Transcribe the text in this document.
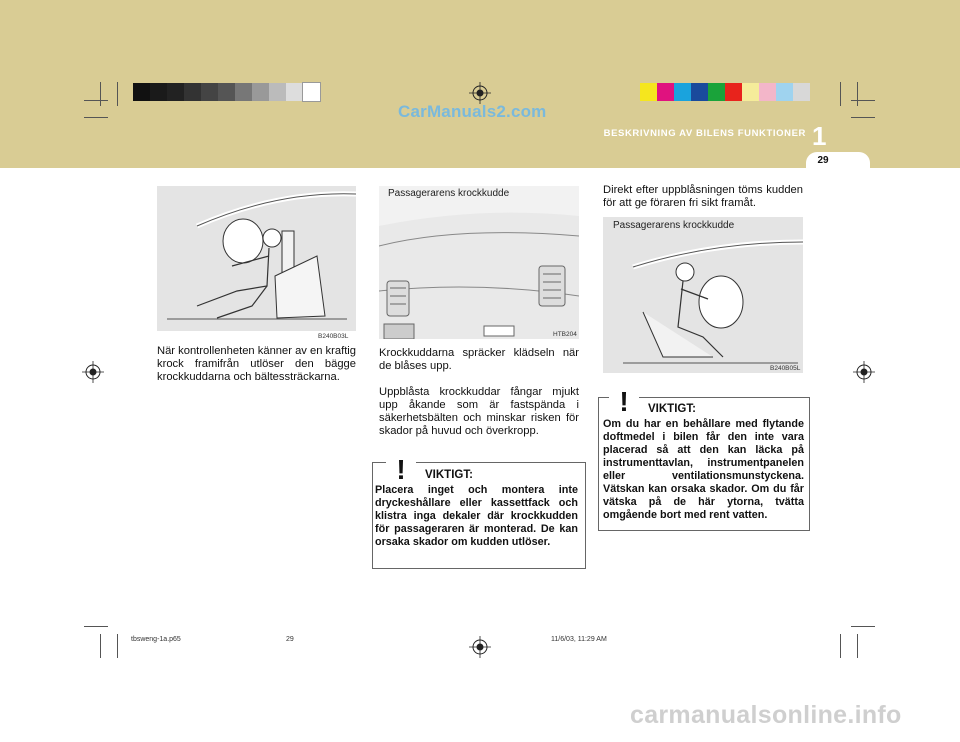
CarManuals2.com
BESKRIVNING AV BILENS FUNKTIONER 1
29
B240B03L
När kontrollenheten känner av en kraftig krock framifrån utlöser den bägge krockkuddarna och bältessträckarna.
Passagerarens krockkudde
HTB204
Krockkuddarna spräcker klädseln när de blåses upp.
Uppblåsta krockkuddar fångar mjukt upp åkande som är fastspända i säkerhetsbälten och minskar risken för skador på huvud och överkropp.
! VIKTIGT:
Placera inget och montera inte dryckeshållare eller kassettfack och klistra inga dekaler där krockkudden för passageraren är monterad. De kan orsaka skador om kudden utlöser.
Direkt efter uppblåsningen töms kudden för att ge föraren fri sikt framåt.
Passagerarens krockkudde
B240B05L
! VIKTIGT:
Om du har en behållare med flytande doftmedel i bilen får den inte vara placerad så att den kan läcka på instrumenttavlan, instrumentpanelen eller ventilationsmunstyckena. Vätskan kan orsaka skador. Om du får vätska på de här ytorna, tvätta omgående bort med rent vatten.
tbsweng-1a.p65	29	11/6/03, 11:29 AM
carmanualsonline.info
